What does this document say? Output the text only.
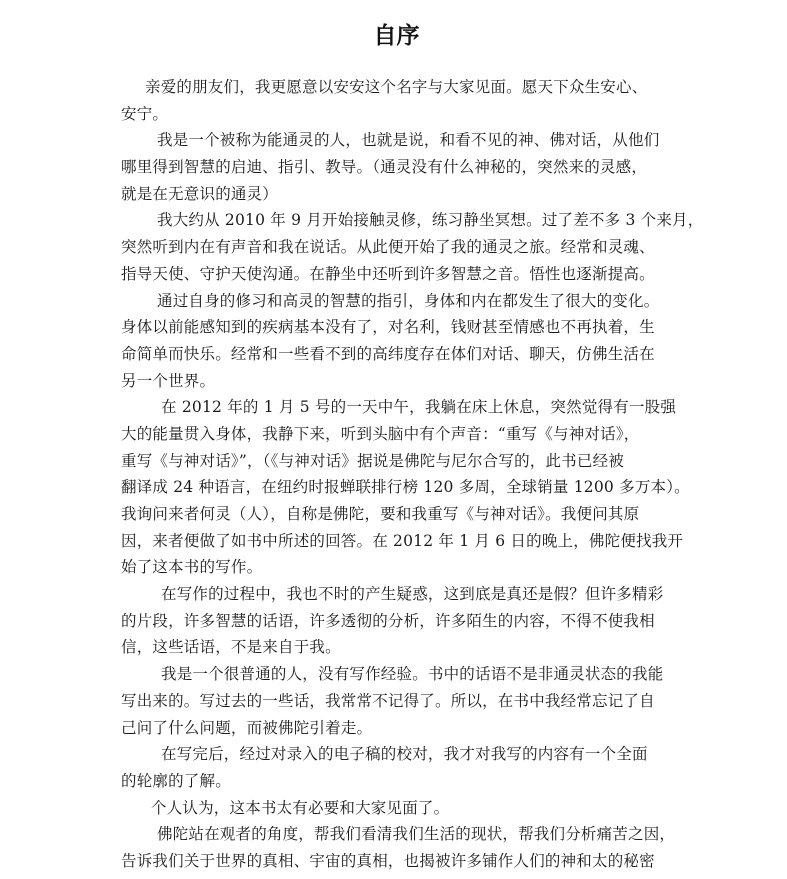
自序
亲爱的朋友们，我更愿意以安安这个名字与大家见面。愿天下众生安心、
安宁。
我是一个被称为能通灵的人，也就是说，和看不见的神、佛对话，从他们
哪里得到智慧的启迪、指引、教导。（通灵没有什么神秘的，突然来的灵感，
就是在无意识的通灵）
我大约从 2010 年 9 月开始接触灵修，练习静坐冥想。过了差不多 3 个来月，
突然听到内在有声音和我在说话。从此便开始了我的通灵之旅。经常和灵魂、
指导天使、守护天使沟通。在静坐中还听到许多智慧之音。悟性也逐渐提高。
通过自身的修习和高灵的智慧的指引，身体和内在都发生了很大的变化。
身体以前能感知到的疾病基本没有了，对名利，钱财甚至情感也不再执着，生
命简单而快乐。经常和一些看不到的高纬度存在体们对话、聊天，仿佛生活在
另一个世界。
在 2012 年的 1 月 5 号的一天中午，我躺在床上休息，突然觉得有一股强
大的能量贯入身体，我静下来，听到头脑中有个声音：“重写《与神对话》，
重写《与神对话》”，（《与神对话》据说是佛陀与尼尔合写的，此书已经被
翻译成 24 种语言，在纽约时报蝉联排行榜 120 多周，全球销量 1200 多万本）。
我询问来者何灵（人），自称是佛陀，要和我重写《与神对话》。我便问其原
因，来者便做了如书中所述的回答。在 2012 年 1 月 6 日的晚上，佛陀便找我开
始了这本书的写作。
在写作的过程中，我也不时的产生疑惑，这到底是真还是假？但许多精彩
的片段，许多智慧的话语，许多透彻的分析，许多陌生的内容，不得不使我相
信，这些话语，不是来自于我。
我是一个很普通的人，没有写作经验。书中的话语不是非通灵状态的我能
写出来的。写过去的一些话，我常常不记得了。所以，在书中我经常忘记了自
己问了什么问题，而被佛陀引着走。
在写完后，经过对录入的电子稿的校对，我才对我写的内容有一个全面
的轮廓的了解。
个人认为，这本书太有必要和大家见面了。
佛陀站在观者的角度，帮我们看清我们生活的现状，帮我们分析痛苦之因，
告诉我们关于世界的真相、宇宙的真相，也揭被许多铺作人们的神和太的秘密
